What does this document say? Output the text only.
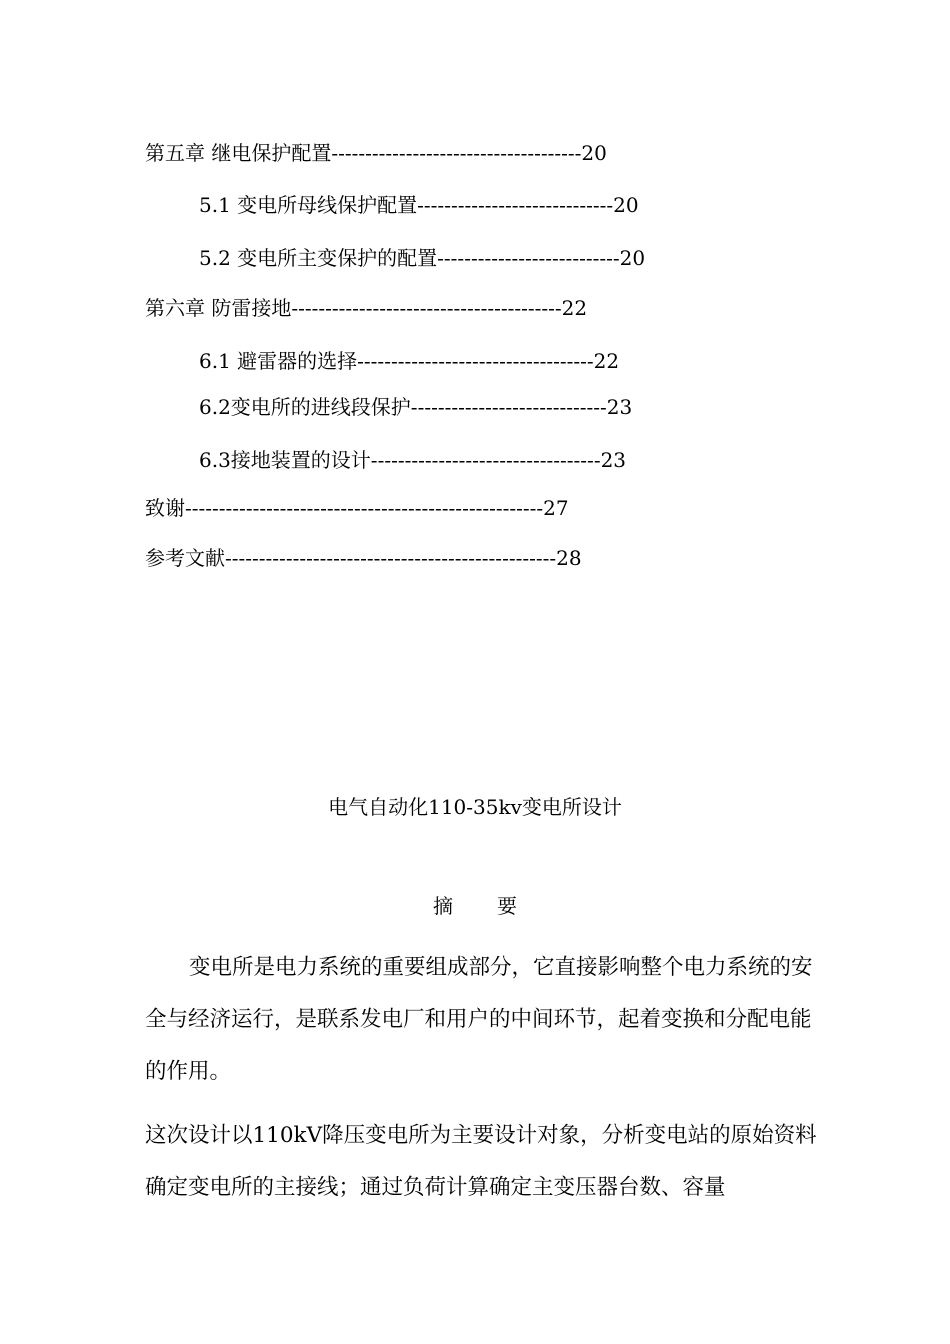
第五章 继电保护配置-------------------------------------20
5.1 变电所母线保护配置-----------------------------20
5.2 变电所主变保护的配置---------------------------20
第六章 防雷接地----------------------------------------22
6.1 避雷器的选择-----------------------------------22
6.2变电所的进线段保护-----------------------------23
6.3接地装置的设计----------------------------------23
致谢-----------------------------------------------------27
参考文献-------------------------------------------------28
电气自动化110-35kv变电所设计
摘要

变电所是电力系统的重要组成部分，它直接影响整个电力系统的安全与经济运行，是联系发电厂和用户的中间环节，起着变换和分配电能的作用。

这次设计以110kV降压变电所为主要设计对象，分析变电站的原始资料确定变电所的主接线；通过负荷计算确定主变压器台数、容量
